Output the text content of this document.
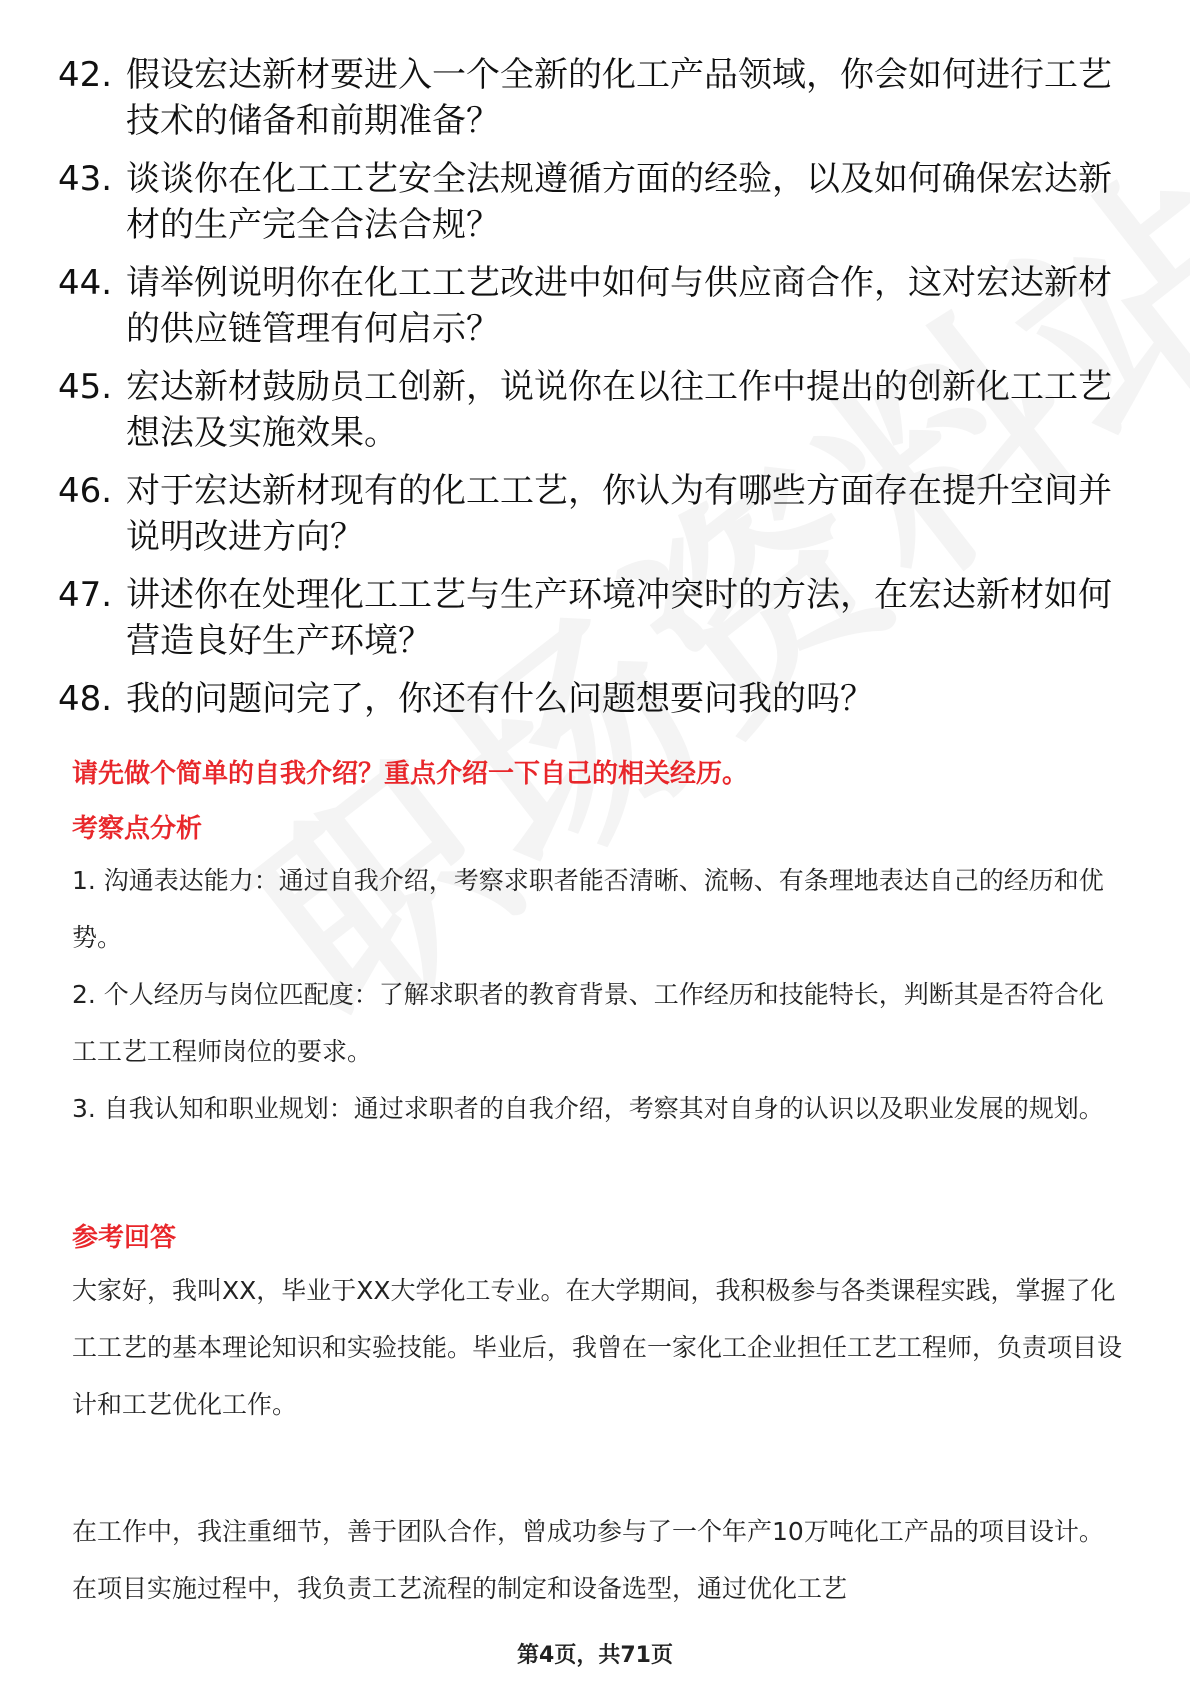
42. 假设宏达新材要进入一个全新的化工产品领域，你会如何进行工艺技术的储备和前期准备？
43. 谈谈你在化工工艺安全法规遵循方面的经验，以及如何确保宏达新材的生产完全合法合规？
44. 请举例说明你在化工工艺改进中如何与供应商合作，这对宏达新材的供应链管理有何启示？
45. 宏达新材鼓励员工创新，说说你在以往工作中提出的创新化工工艺想法及实施效果。
46. 对于宏达新材现有的化工工艺，你认为有哪些方面存在提升空间并说明改进方向？
47. 讲述你在处理化工工艺与生产环境冲突时的方法，在宏达新材如何营造良好生产环境？
48. 我的问题问完了，你还有什么问题想要问我的吗？
请先做个简单的自我介绍？重点介绍一下自己的相关经历。
考察点分析

1. 沟通表达能力：通过自我介绍，考察求职者能否清晰、流畅、有条理地表达自己的经历和优势。

2. 个人经历与岗位匹配度：了解求职者的教育背景、工作经历和技能特长，判断其是否符合化工工艺工程师岗位的要求。

3. 自我认知和职业规划：通过求职者的自我介绍，考察其对自身的认识以及职业发展的规划。

参考回答

大家好，我叫XX，毕业于XX大学化工专业。在大学期间，我积极参与各类课程实践，掌握了化工工艺的基本理论知识和实验技能。毕业后，我曾在一家化工企业担任工艺工程师，负责项目设计和工艺优化工作。

在工作中，我注重细节，善于团队合作，曾成功参与了一个年产10万吨化工产品的项目设计。在项目实施过程中，我负责工艺流程的制定和设备选型，通过优化工艺

第4页，共71页
